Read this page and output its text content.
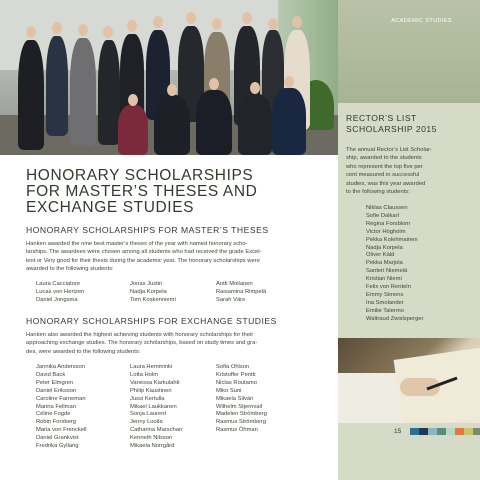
HONORARY SCHOLARSHIPS
FOR MASTER’S THESES AND
EXCHANGE STUDIES
HONORARY SCHOLARSHIPS FOR MASTER’S THESES

Hanken awarded the nine best master’s theses of the year with named honorary scho-
larships. The awardees were chosen among all students who had received the grade Excel-
lent or Very good for their thesis during the academic year. The honorary scholarships were
awarded to the following students:

Laura Cacciatore
Lucas von Hertzen
Daniel Jongsma
Jonas Justin
Nadja Korpela
Tom Koskenniemi
Antti Moilanen
Raisamina Rimpelä
Sarah Väre
HONORARY SCHOLARSHIPS FOR EXCHANGE STUDIES

Hanken also awarded the highest achieving students with honorary scholarships for their
approaching exchange studies. The honorary scholarships, based on study times and gra-
des, were awarded to the following students:

Jannika Andersson
David Back
Peter Elmgren
Daniel Eriksson
Caroline Farneman
Marina Fellman
Céline Fogde
Robin Forsberg
Maria von Frenckell
Daniel Grankvist
Fredrika Gyllang
Laura Hemminki
Lotta Holm
Vanessa Karkulahti
Philip Kaustinen
Jussi Kertulla
Mikael Laukkanen
Sonja Laurent
Jenny Luoila
Catharina Marschan
Kenneth Nilsson
Mikaela Norrgård
Sofia Ohlson
Kristoffer Pentti
Niclas Routamo
Miko Suni
Mikaela Silván
Wilhelm Stjernvall
Madelen Strömberg
Rasmus Strömberg
Rasmus Öhman
ACADEMIC STUDIES
RECTOR’S LIST
SCHOLARSHIP 2015

The annual Rector’s List Scholar-
ship, awarded to the students
who represent the top five per
cent measured in successful
studies, was this year awarded
to the following students:

Niklas Claussen
Sofie Dalkarl
Regina Forsblom
Victor Högholm
Pekka Kolehmainen
Nadja Korpela
Oliver Käld
Pekka Marjola
Santeri Niemelä
Kristian Niemi
Felix von Renteln
Emmy Simons
Ina Smolander
Emilie Talermo
Waltraud Zwislsperger
15
